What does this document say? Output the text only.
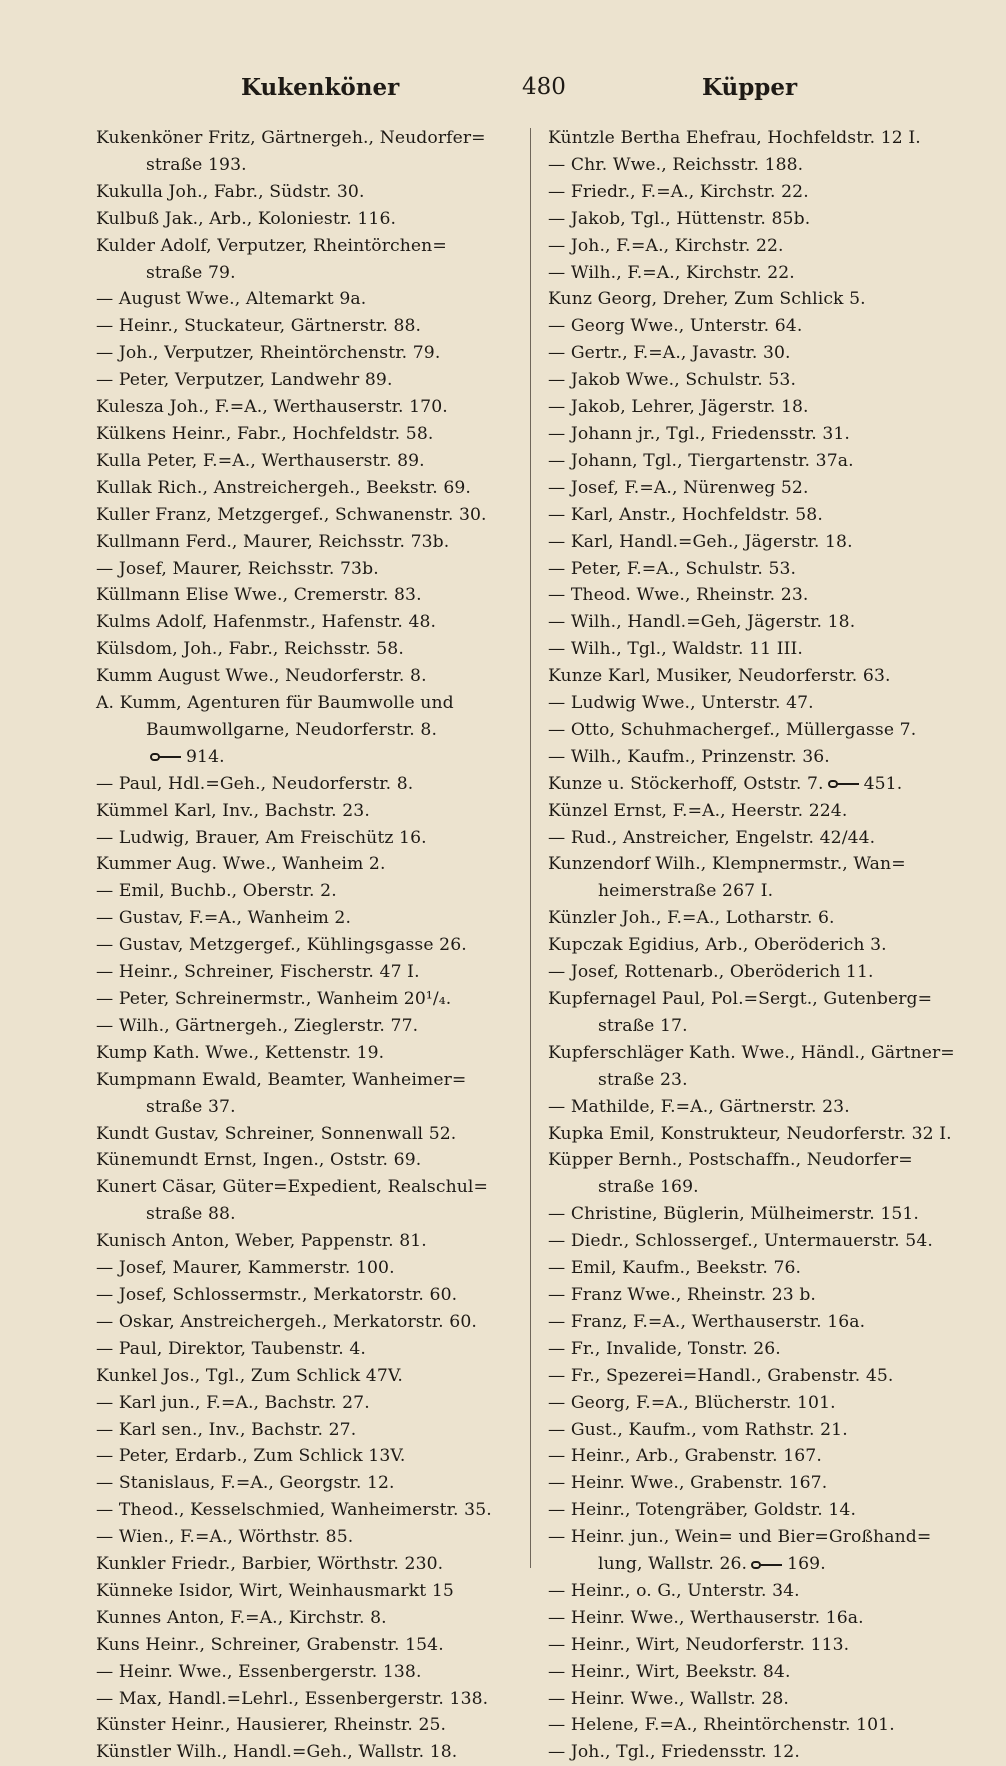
Kukenköner	480	Küpper
Kukenköner Fritz, Gärtnergeh., Neudorfer=
straße 193.
Kukulla Joh., Fabr., Südstr. 30.
Kulbuß Jak., Arb., Koloniestr. 116.
Kulder Adolf, Verputzer, Rheintörchen=
straße 79.
— August Wwe., Altemarkt 9a.
— Heinr., Stuckateur, Gärtnerstr. 88.
— Joh., Verputzer, Rheintörchenstr. 79.
— Peter, Verputzer, Landwehr 89.
Kulesza Joh., F.=A., Werthauserstr. 170.
Külkens Heinr., Fabr., Hochfeldstr. 58.
Kulla Peter, F.=A., Werthauserstr. 89.
Kullak Rich., Anstreichergeh., Beekstr. 69.
Kuller Franz, Metzgergef., Schwanenstr. 30.
Kullmann Ferd., Maurer, Reichsstr. 73b.
— Josef, Maurer, Reichsstr. 73b.
Küllmann Elise Wwe., Cremerstr. 83.
Kulms Adolf, Hafenmstr., Hafenstr. 48.
Külsdom, Joh., Fabr., Reichsstr. 58.
Kumm August Wwe., Neudorferstr. 8.
A. Kumm, Agenturen für Baumwolle und
Baumwollgarne, Neudorferstr. 8.
914.
— Paul, Hdl.=Geh., Neudorferstr. 8.
Kümmel Karl, Inv., Bachstr. 23.
— Ludwig, Brauer, Am Freischütz 16.
Kummer Aug. Wwe., Wanheim 2.
— Emil, Buchb., Oberstr. 2.
— Gustav, F.=A., Wanheim 2.
— Gustav, Metzgergef., Kühlingsgasse 26.
— Heinr., Schreiner, Fischerstr. 47 I.
— Peter, Schreinermstr., Wanheim 20¹/₄.
— Wilh., Gärtnergeh., Zieglerstr. 77.
Kump Kath. Wwe., Kettenstr. 19.
Kumpmann Ewald, Beamter, Wanheimer=
straße 37.
Kundt Gustav, Schreiner, Sonnenwall 52.
Künemundt Ernst, Ingen., Oststr. 69.
Kunert Cäsar, Güter=Expedient, Realschul=
straße 88.
Kunisch Anton, Weber, Pappenstr. 81.
— Josef, Maurer, Kammerstr. 100.
— Josef, Schlossermstr., Merkatorstr. 60.
— Oskar, Anstreichergeh., Merkatorstr. 60.
— Paul, Direktor, Taubenstr. 4.
Kunkel Jos., Tgl., Zum Schlick 47V.
— Karl jun., F.=A., Bachstr. 27.
— Karl sen., Inv., Bachstr. 27.
— Peter, Erdarb., Zum Schlick 13V.
— Stanislaus, F.=A., Georgstr. 12.
— Theod., Kesselschmied, Wanheimerstr. 35.
— Wien., F.=A., Wörthstr. 85.
Kunkler Friedr., Barbier, Wörthstr. 230.
Künneke Isidor, Wirt, Weinhausmarkt 15
Kunnes Anton, F.=A., Kirchstr. 8.
Kuns Heinr., Schreiner, Grabenstr. 154.
— Heinr. Wwe., Essenbergerstr. 138.
— Max, Handl.=Lehrl., Essenbergerstr. 138.
Künster Heinr., Hausierer, Rheinstr. 25.
Künstler Wilh., Handl.=Geh., Wallstr. 18.
Küntzle Bertha Ehefrau, Hochfeldstr. 12 I.
— Chr. Wwe., Reichsstr. 188.
— Friedr., F.=A., Kirchstr. 22.
— Jakob, Tgl., Hüttenstr. 85b.
— Joh., F.=A., Kirchstr. 22.
— Wilh., F.=A., Kirchstr. 22.
Kunz Georg, Dreher, Zum Schlick 5.
— Georg Wwe., Unterstr. 64.
— Gertr., F.=A., Javastr. 30.
— Jakob Wwe., Schulstr. 53.
— Jakob, Lehrer, Jägerstr. 18.
— Johann jr., Tgl., Friedensstr. 31.
— Johann, Tgl., Tiergartenstr. 37a.
— Josef, F.=A., Nürenweg 52.
— Karl, Anstr., Hochfeldstr. 58.
— Karl, Handl.=Geh., Jägerstr. 18.
— Peter, F.=A., Schulstr. 53.
— Theod. Wwe., Rheinstr. 23.
— Wilh., Handl.=Geh, Jägerstr. 18.
— Wilh., Tgl., Waldstr. 11 III.
Kunze Karl, Musiker, Neudorferstr. 63.
— Ludwig Wwe., Unterstr. 47.
— Otto, Schuhmachergef., Müllergasse 7.
— Wilh., Kaufm., Prinzenstr. 36.
Kunze u. Stöckerhoff, Oststr. 7. 451.
Künzel Ernst, F.=A., Heerstr. 224.
— Rud., Anstreicher, Engelstr. 42/44.
Kunzendorf Wilh., Klempnermstr., Wan=
heimerstraße 267 I.
Künzler Joh., F.=A., Lotharstr. 6.
Kupczak Egidius, Arb., Oberöderich 3.
— Josef, Rottenarb., Oberöderich 11.
Kupfernagel Paul, Pol.=Sergt., Gutenberg=
straße 17.
Kupferschläger Kath. Wwe., Händl., Gärtner=
straße 23.
— Mathilde, F.=A., Gärtnerstr. 23.
Kupka Emil, Konstrukteur, Neudorferstr. 32 I.
Küpper Bernh., Postschaffn., Neudorfer=
straße 169.
— Christine, Büglerin, Mülheimerstr. 151.
— Diedr., Schlossergef., Untermauerstr. 54.
— Emil, Kaufm., Beekstr. 76.
— Franz Wwe., Rheinstr. 23 b.
— Franz, F.=A., Werthauserstr. 16a.
— Fr., Invalide, Tonstr. 26.
— Fr., Spezerei=Handl., Grabenstr. 45.
— Georg, F.=A., Blücherstr. 101.
— Gust., Kaufm., vom Rathstr. 21.
— Heinr., Arb., Grabenstr. 167.
— Heinr. Wwe., Grabenstr. 167.
— Heinr., Totengräber, Goldstr. 14.
— Heinr. jun., Wein= und Bier=Großhand=
lung, Wallstr. 26. 169.
— Heinr., o. G., Unterstr. 34.
— Heinr. Wwe., Werthauserstr. 16a.
— Heinr., Wirt, Neudorferstr. 113.
— Heinr., Wirt, Beekstr. 84.
— Heinr. Wwe., Wallstr. 28.
— Helene, F.=A., Rheintörchenstr. 101.
— Joh., Tgl., Friedensstr. 12.
